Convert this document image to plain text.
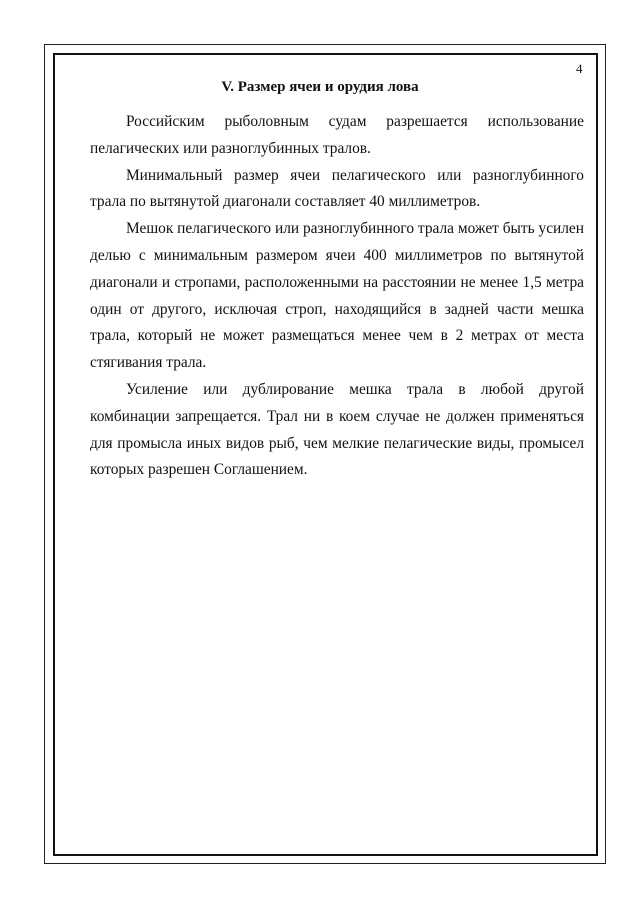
4
V. Размер ячеи и орудия лова

Российским рыболовным судам разрешается использование пелагических или разноглубинных тралов.

Минимальный размер ячеи пелагического или разноглубинного трала по вытянутой диагонали составляет 40 миллиметров.

Мешок пелагического или разноглубинного трала может быть усилен делью с минимальным размером ячеи 400 миллиметров по вытянутой диагонали и стропами, расположенными на расстоянии не менее 1,5 метра один от другого, исключая строп, находящийся в задней части мешка трала, который не может размещаться менее чем в 2 метрах от места стягивания трала.

Усиление или дублирование мешка трала в любой другой комбинации запрещается. Трал ни в коем случае не должен применяться для промысла иных видов рыб, чем мелкие пелагические виды, промысел которых разрешен Соглашением.
